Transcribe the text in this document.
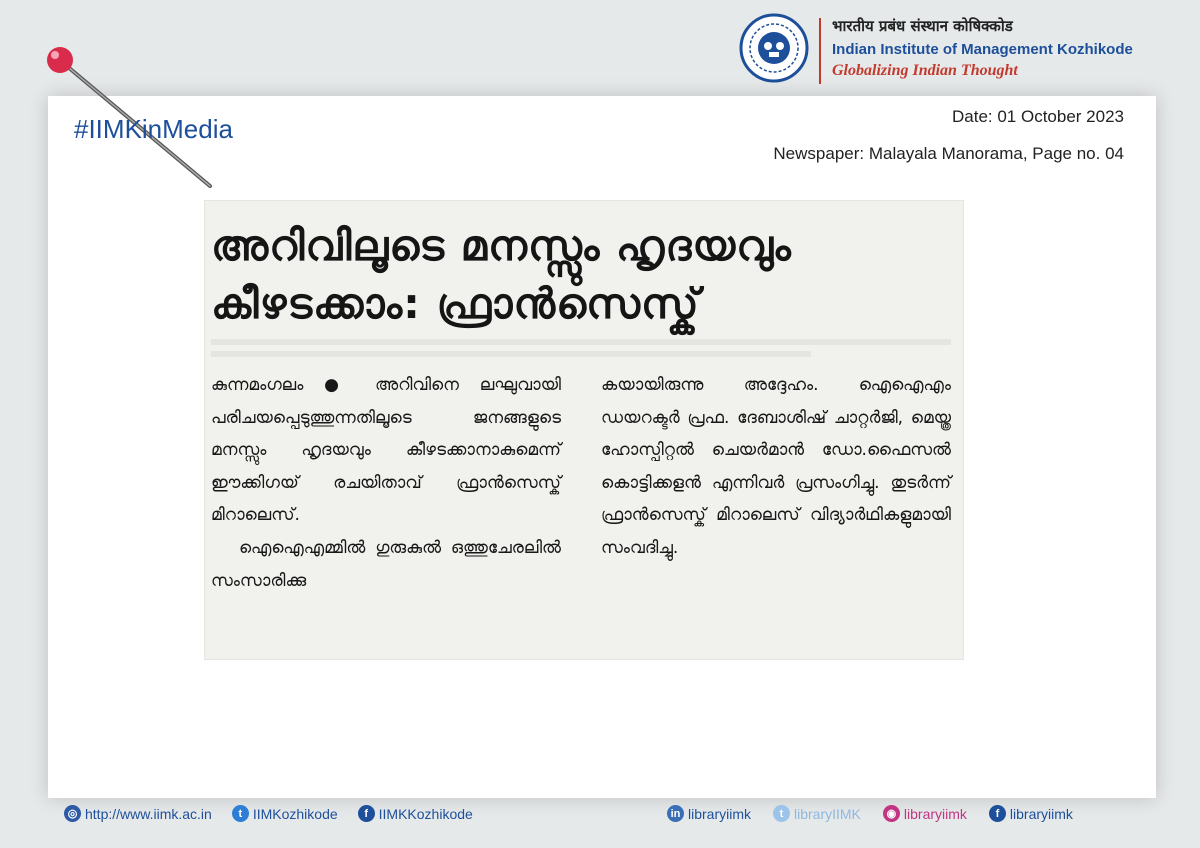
भारतीय प्रबंध संस्थान कोषिक्कोड
Indian Institute of Management Kozhikode
Globalizing Indian Thought
#IIMKinMedia	Date: 01 October 2023
Newspaper: Malayala Manorama, Page no. 04
അറിവിലൂടെ മനസ്സും ഹൃദയവും
കീഴടക്കാം: ഫ്രാൻസെസ്ക്

കുന്നമംഗലം ● അറിവിനെ ലഘുവായി പരിചയപ്പെടുത്തുന്നതിലൂടെ ജനങ്ങളുടെ മനസ്സും ഹൃദയവും കീഴടക്കാനാകുമെന്ന് ഈക്കിഗയ് രചയിതാവ് ഫ്രാൻസെസ്ക് മിറാലെസ്.

ഐഐഎമ്മിൽ ഗുരുകുൽ ഒത്തുചേരലിൽ സംസാരിക്കു

കയായിരുന്നു അദ്ദേഹം. ഐഐഎം ഡയറക്ടർ പ്രഫ. ദേബാശിഷ് ചാറ്റർജി, മെയ്ത്ര ഹോസ്പിറ്റൽ ചെയർമാൻ ഡോ.ഫൈസൽ കൊട്ടിക്കളൻ എന്നിവർ പ്രസംഗിച്ചു. തുടർന്ന് ഫ്രാൻസെസ്ക് മിറാലെസ് വിദ്യാർഥികളുമായി സംവദിച്ചു.

◎ http://www.iimk.ac.in	t IIMKozhikode	f IIMKKozhikode	in libraryiimk	t libraryIIMK	◉ libraryiimk	f libraryiimk
